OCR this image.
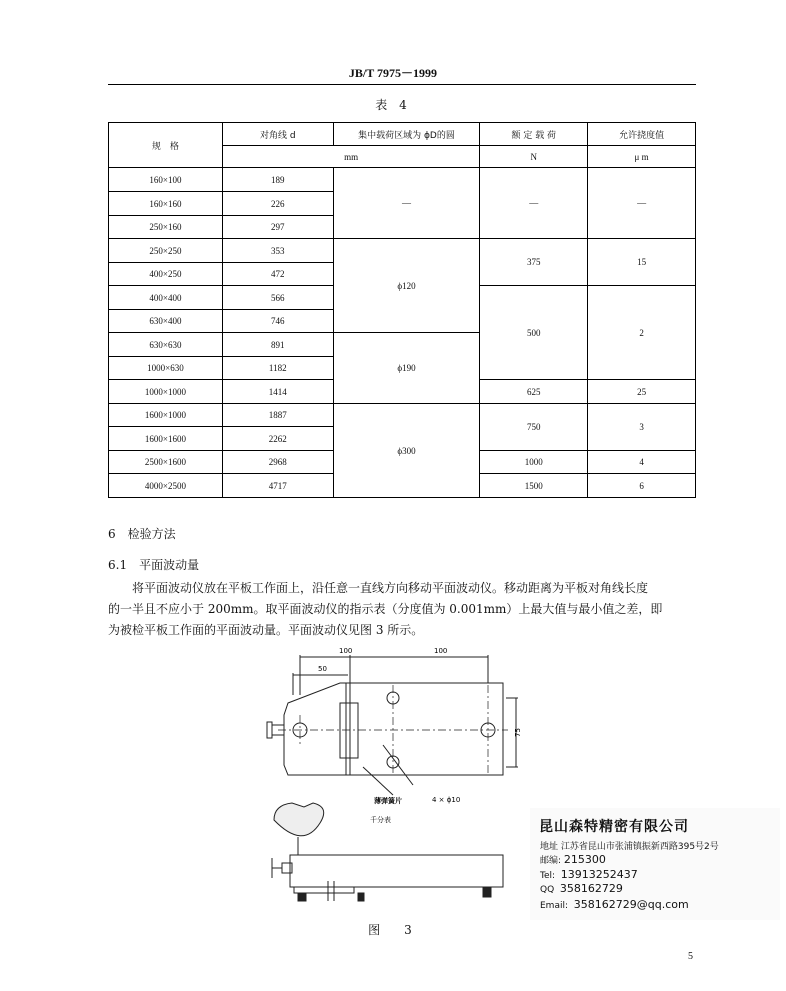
JB/T 7975－1999
表 4
规　格	对角线 d	集中载荷区域为 ϕD的圆	额 定 载 荷	允许挠度值
	mm		N	μ m
160×100	189	—	—	—
160×160	226			
250×160	297			
250×250	353	ϕ120	375	15
400×250	472			
400×400	566		500	2
630×400	746			
630×630	891	ϕ190		
1000×630	1182			
1000×1000	1414		625	25
1600×1000	1887	ϕ300	750	3
1600×1600	2262			
2500×1600	2968		1000	4
4000×2500	4717		1500	6
6　检验方法
6.1　平面波动量
将平面波动仪放在平板工作面上，沿任意一直线方向移动平面波动仪。移动距离为平板对角线长度
的一半且不应小于 200mm。取平面波动仪的指示表（分度值为 0.001mm）上最大值与最小值之差，即
为被检平板工作面的平面波动量。平面波动仪见图 3 所示。
100	100
50
75
薄弹簧片	4 × ϕ10
千分表
图　3
昆山森特精密有限公司
地址 江苏省昆山市张浦镇振新西路395号2号
邮编: 215300
Tel:  13913252437
QQ 358162729
Email:  358162729@qq.com
5
